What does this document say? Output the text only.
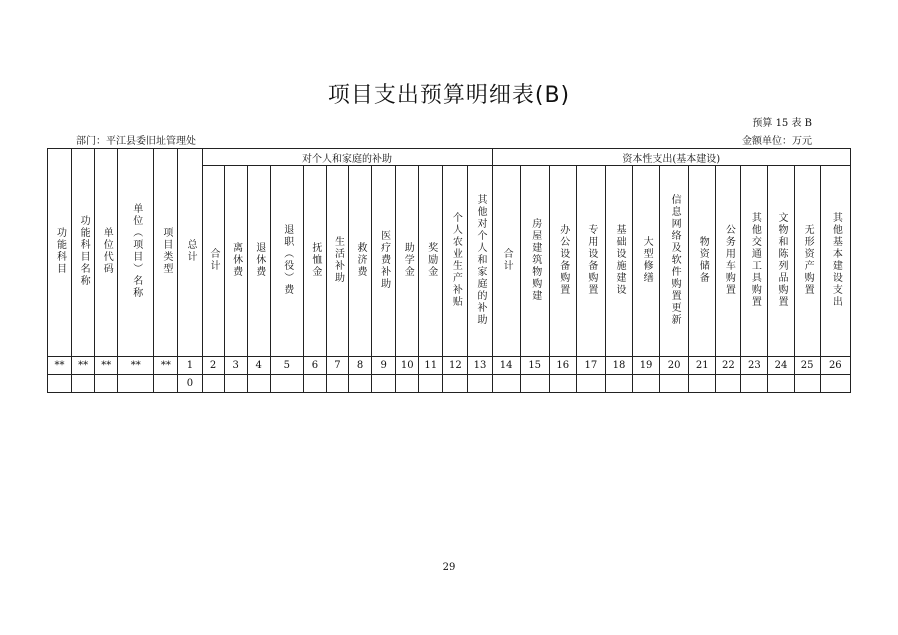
项目支出预算明细表(B)
预算 15 表 B
部门：平江县委旧址管理处	金额单位：万元
功能科目	功能科目名称	单位代码	单位（项目）名称	项目类型	总计	对个人和家庭的补助												资本性支出(基本建设)												
						合计	离休费	退休费	退职（役）费	抚恤金	生活补助	救济费	医疗费补助	助学金	奖励金	个人农业生产补贴	其他对个人和家庭的补助	合计	房屋建筑物购建	办公设备购置	专用设备购置	基础设施建设	大型修缮	信息网络及软件购置更新	物资储备	公务用车购置	其他交通工具购置	文物和陈列品购置	无形资产购置	其他基本建设支出
**	**	**	**	**	1	2	3	4	5	6	7	8	9	10	11	12	13	14	15	16	17	18	19	20	21	22	23	24	25	26
					0																									
29
